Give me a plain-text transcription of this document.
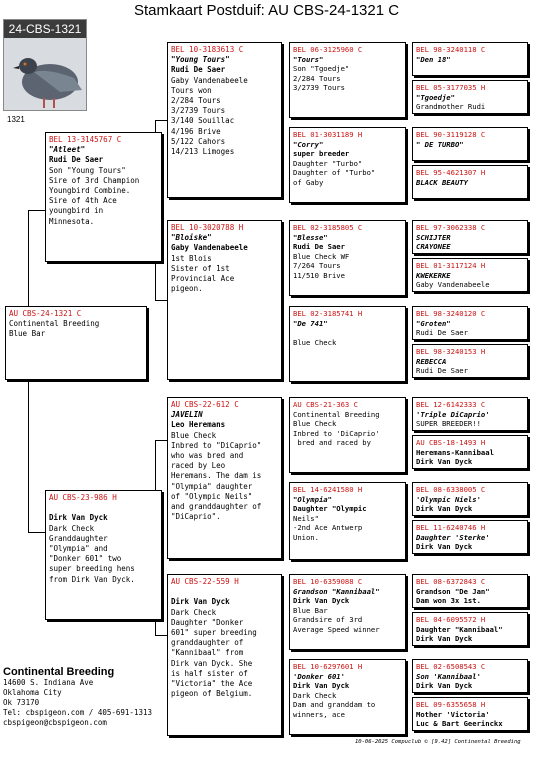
Stamkaart Postduif: AU CBS-24-1321 C
24-CBS-1321
1321
AU CBS-24-1321 C
Continental Breeding
Blue Bar
BEL 13-3145767 C
"Atleet"
Rudi De Saer
Son "Young Tours"
Sire of 3rd Champion
Youngbird Combine.
Sire of 4th Ace
youngbird in
Minnesota.
AU CBS-23-986 H

Dirk Van Dyck
Dark Check
Granddaughter
"Olympia" and
"Donker 601" two
super breeding hens
from Dirk Van Dyck.
BEL 10-3183613 C
"Young Tours"
Rudi De Saer
Gaby Vandenabeele
Tours won
2/284 Tours
3/2739 Tours
3/140 Souillac
4/196 Brive
5/122 Cahors
14/213 Limoges
BEL 10-3020788 H
"Bloiske"
Gaby Vandenabeele
1st Blois
Sister of 1st
Provincial Ace
pigeon.
AU CBS-22-612 C
JAVELIN
Leo Heremans
Blue Check
Inbred to "DiCaprio"
who was bred and
raced by Leo
Heremans. The dam is
"Olympia" daughter
of "Olympic Neils"
and granddaughter of
"DiCaprio".
AU CBS-22-559 H

Dirk Van Dyck
Dark Check
Daughter "Donker
601" super breeding
granddaughter of
"Kannibaal" from
Dirk van Dyck. She
is half sister of
"Victoria" the Ace
pigeon of Belgium.
BEL 06-3125960 C
"Tours"
Son "Tgoedje"
2/284 Tours
3/2739 Tours
BEL 01-3031189 H
"Corry"
super breeder
Daughter "Turbo"
Daughter of "Turbo"
of Gaby
BEL 02-3185805 C
"Blesse"
Rudi De Saer
Blue Check WF
7/264 Tours
11/510 Brive
BEL 02-3185741 H
"De 741"

Blue Check
AU CBS-21-363 C
Continental Breeding
Blue Check
Inbred to 'DiCaprio'
bred and raced by
BEL 14-6241580 H
"Olympia"
Daughter "Olympic
Neils"
-2nd Ace Antwerp
Union.
BEL 10-6359088 C
Grandson "Kannibaal"
Dirk Van Dyck
Blue Bar
Grandsire of 3rd
Average Speed winner
BEL 10-6297601 H
'Donker 601'
Dirk Van Dyck
Dark Check
Dam and granddam to
winners, ace
BEL 98-3240118 C
"Den 18"
BEL 05-3177035 H
"Tgoedje"
Grandmother Rudi
BEL 90-3119128 C
" DE TURBO"
BEL 95-4621307 H
BLACK BEAUTY
BEL 97-3062338 C
SCHIJTER
CRAYONEE
BEL 01-3117124 H
KWEKERKE
Gaby Vandenabeele
BEL 98-3240120 C
"Groten"
Rudi De Saer
BEL 98-3240153 H
REBECCA
Rudi De Saer
BEL 12-6142333 C
'Triple DiCaprio'
SUPER BREEDER!!
AU CBS-18-1493 H
Heremans-Kannibaal
Dirk Van Dyck
BEL 08-6338005 C
'Olympic Niels'
Dirk Van Dyck
BEL 11-6240746 H
Daughter 'Sterke'
Dirk Van Dyck
BEL 08-6372843 C
Grandson "De Jan"
Dam won 3x 1st.
BEL 04-6095572 H
Daughter "Kannibaal"
Dirk Van Dyck
BEL 02-6508543 C
Son 'Kannibaal'
Dirk Van Dyck
BEL 09-6355658 H
Mother 'Victoria'
Luc & Bart Geerinckx
Continental Breeding
14600 S. Indiana Ave
Oklahoma City
Ok 73170
Tel: cbspigeon.com / 405-691-1313
cbspigeon@cbspigeon.com
10-06-2025 Compuclub © [9.42] Continental Breeding
